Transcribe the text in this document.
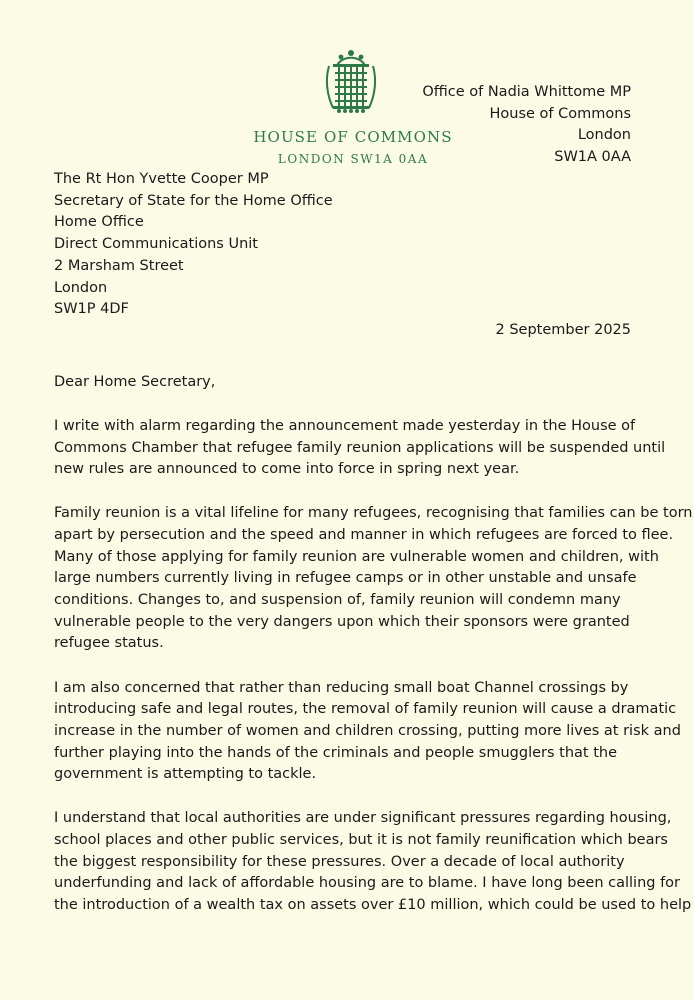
HOUSE OF COMMONS
LONDON SW1A 0AA
Office of Nadia Whittome MP
House of Commons
London
SW1A 0AA
The Rt Hon Yvette Cooper MP
Secretary of State for the Home Office
Home Office
Direct Communications Unit
2 Marsham Street
London
SW1P 4DF
2 September 2025
Dear Home Secretary,

I write with alarm regarding the announcement made yesterday in the House of
Commons Chamber that refugee family reunion applications will be suspended until
new rules are announced to come into force in spring next year.

Family reunion is a vital lifeline for many refugees, recognising that families can be torn
apart by persecution and the speed and manner in which refugees are forced to flee.
Many of those applying for family reunion are vulnerable women and children, with
large numbers currently living in refugee camps or in other unstable and unsafe
conditions. Changes to, and suspension of, family reunion will condemn many
vulnerable people to the very dangers upon which their sponsors were granted
refugee status.

I am also concerned that rather than reducing small boat Channel crossings by
introducing safe and legal routes, the removal of family reunion will cause a dramatic
increase in the number of women and children crossing, putting more lives at risk and
further playing into the hands of the criminals and people smugglers that the
government is attempting to tackle.

I understand that local authorities are under significant pressures regarding housing,
school places and other public services, but it is not family reunification which bears
the biggest responsibility for these pressures. Over a decade of local authority
underfunding and lack of affordable housing are to blame. I have long been calling for
the introduction of a wealth tax on assets over £10 million, which could be used to help
